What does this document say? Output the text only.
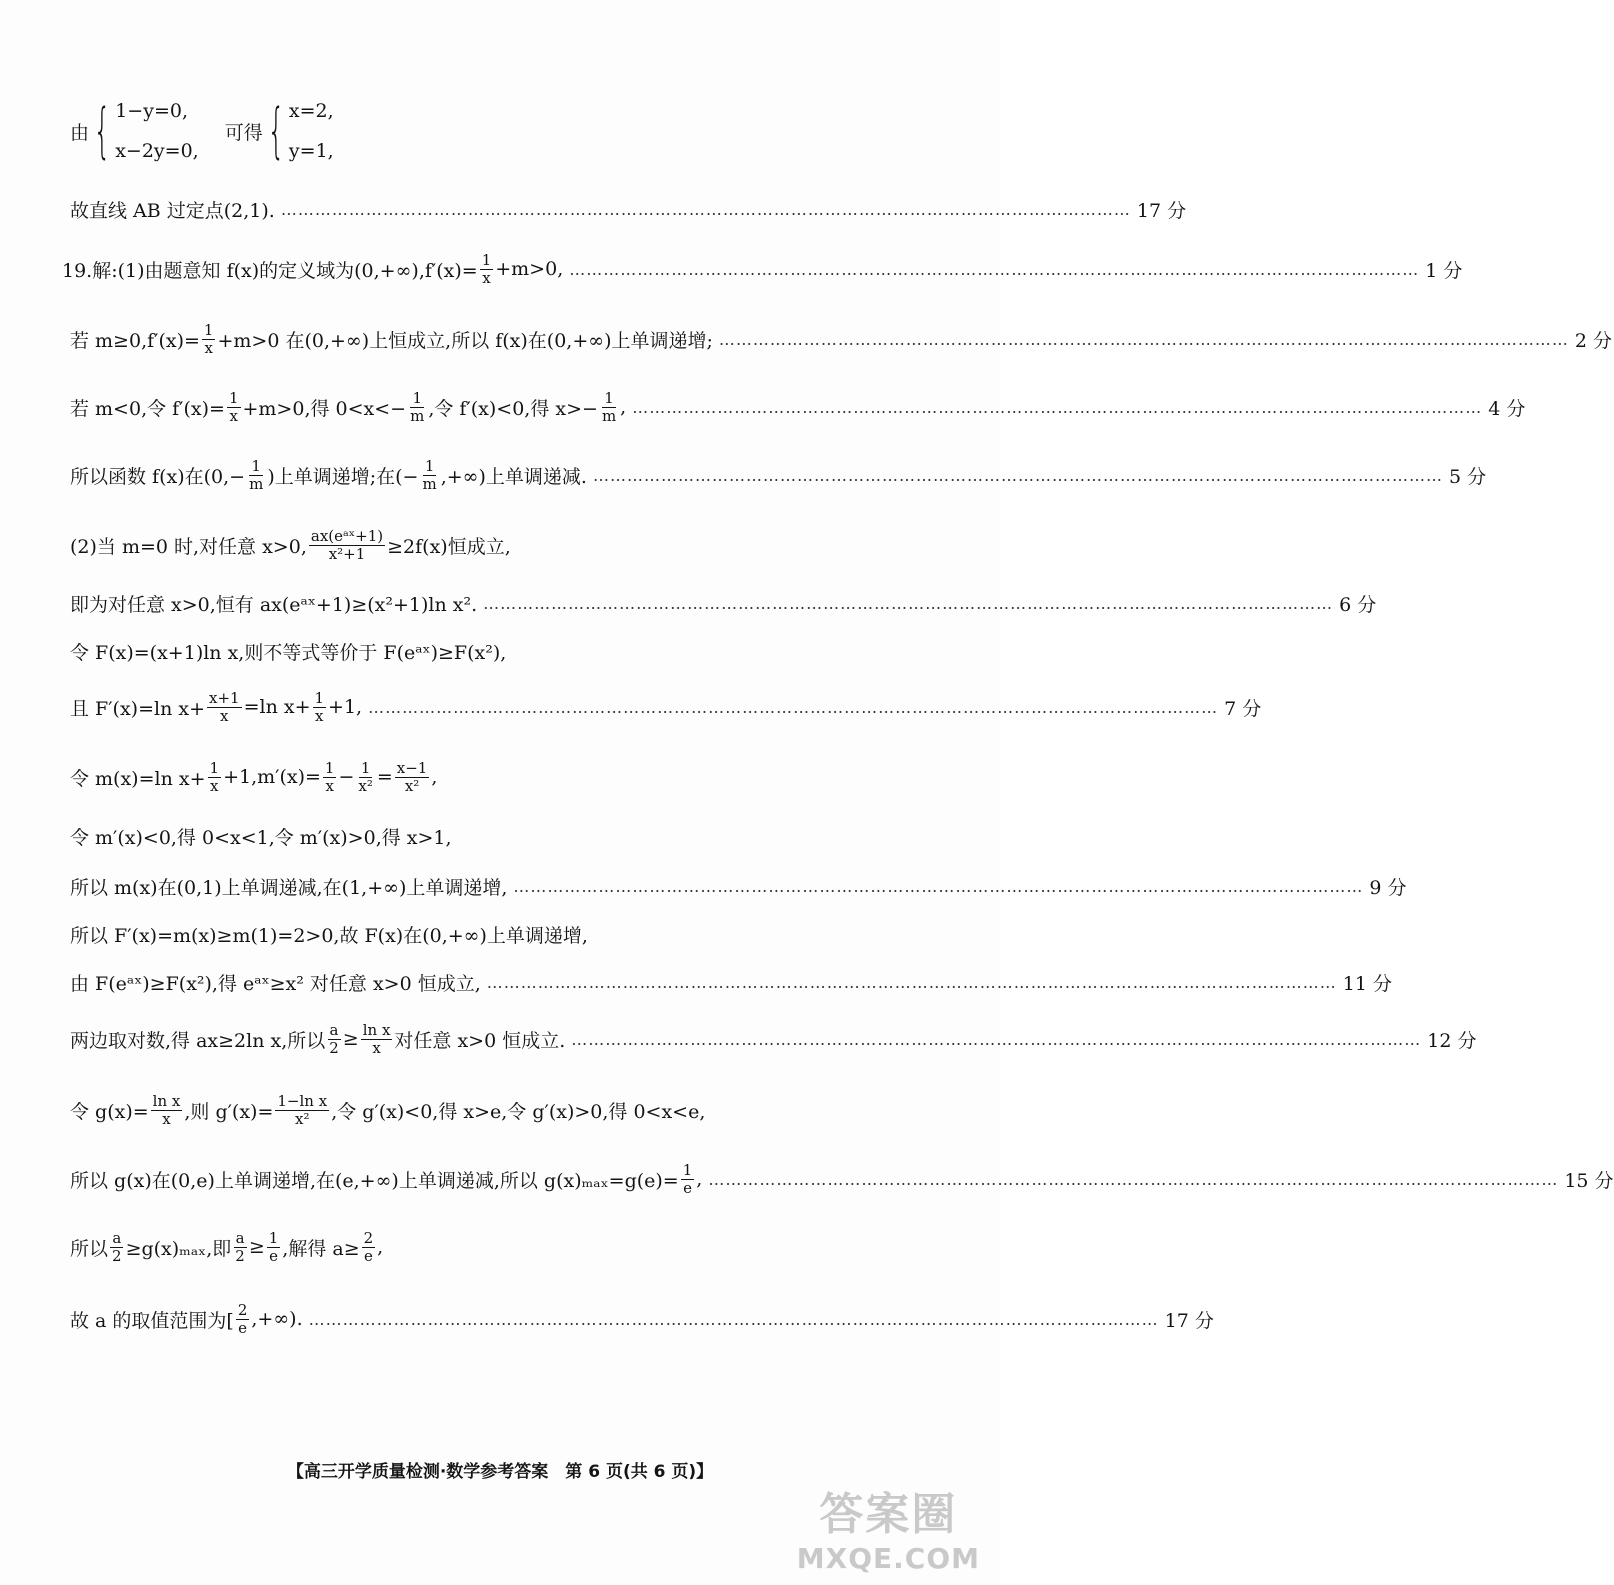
由 { 1−y=0,
x−2y=0,
可得 { x=2,
y=1,
故直线 AB 过定点(2,1). …………………………………………………………………………………………………………………………………… 17 分
19.解:(1)由题意知 f(x)的定义域为$(0,+\infty),f'(x)= \frac{1}{x} +m>0$, …………………………………………………………………………………………………………………………………… 1 分
若 $m\ge 0,f'(x)= \frac{1}{x} +m>0$ 在(0,+∞)上恒成立,所以 f(x)在(0,+∞)上单调递增; …………………………………………………………………………………………………………………………………… 2 分
若 m<0,令 $f'(x)= \frac{1}{x} +m>0$,得 $0<x<- \frac{1}{m}$ ,令 f′(x)<0,得 $x>- \frac{1}{m}$ , …………………………………………………………………………………………………………………………………… 4 分
所以函数 f(x)在($0,- \frac{1}{m}$ )上单调递增;在(− $\frac{1}{m}$ ,+∞)上单调递减. …………………………………………………………………………………………………………………………………… 5 分
(2)当 m=0 时,对任意 x>0, $\frac{\text{ax(eᵃˣ+1)}}{\text{x²+1}} \ge 2f(x)$恒成立,
即为对任意 x>0,恒有 ax(eᵃˣ+1)≥(x²+1)ln x². …………………………………………………………………………………………………………………………………… 6 分
令 F(x)=(x+1)ln x,则不等式等价于 F(eᵃˣ)≥F(x²),
且 F′(x)=ln $x+ \frac{x+1}{x} =\ln$ $x+ \frac{1}{x} +1$, …………………………………………………………………………………………………………………………………… 7 分
令 m(x)=ln $x+ \frac{1}{x} +1,m'(x)= \frac{1}{x} - \frac{1}{\text{x²}} = \frac{x-1}{\text{x²}}$ ,
令 m′(x)<0,得 0<x<1,令 m′(x)>0,得 x>1,
所以 m(x)在(0,1)上单调递减,在(1,+∞)上单调递增, …………………………………………………………………………………………………………………………………… 9 分
所以 F′(x)=m(x)≥m(1)=2>0,故 F(x)在(0,+∞)上单调递增,
由 F(eᵃˣ)≥F(x²),得 eᵃˣ≥x² 对任意 x>0 恒成立, …………………………………………………………………………………………………………………………………… 11 分
两边取对数,得 ax≥2ln x,所以 $\frac{a}{2} \ge \frac{\text{ln x}}{x}$ 对任意 x>0 恒成立. …………………………………………………………………………………………………………………………………… 12 分
令 $g(x)= \frac{\text{ln x}}{x}$ ,则 $g'(x)= \frac{\text{1−ln x}}{\text{x²}}$ ,令 g′(x)<0,得 x>e,令 g′(x)>0,得 0<x<e,
所以 g(x)在(0,e)上单调递增,在(e,+∞)上单调递减,所以 $g(x)_{max}=g(e)= \frac{1}{e}$ , …………………………………………………………………………………………………………………………………… 15 分
所以 $\frac{a}{2} \ge g(x)_{max}$,即 $\frac{a}{2} \ge \frac{1}{e}$ ,解得 $a\ge \frac{2}{e}$ ,
故 a 的取值范围为[ $\frac{2}{e}$ ,+∞). …………………………………………………………………………………………………………………………………… 17 分
【高三开学质量检测·数学参考答案　第 6 页(共 6 页)】
答案圈
MXQE.COM
